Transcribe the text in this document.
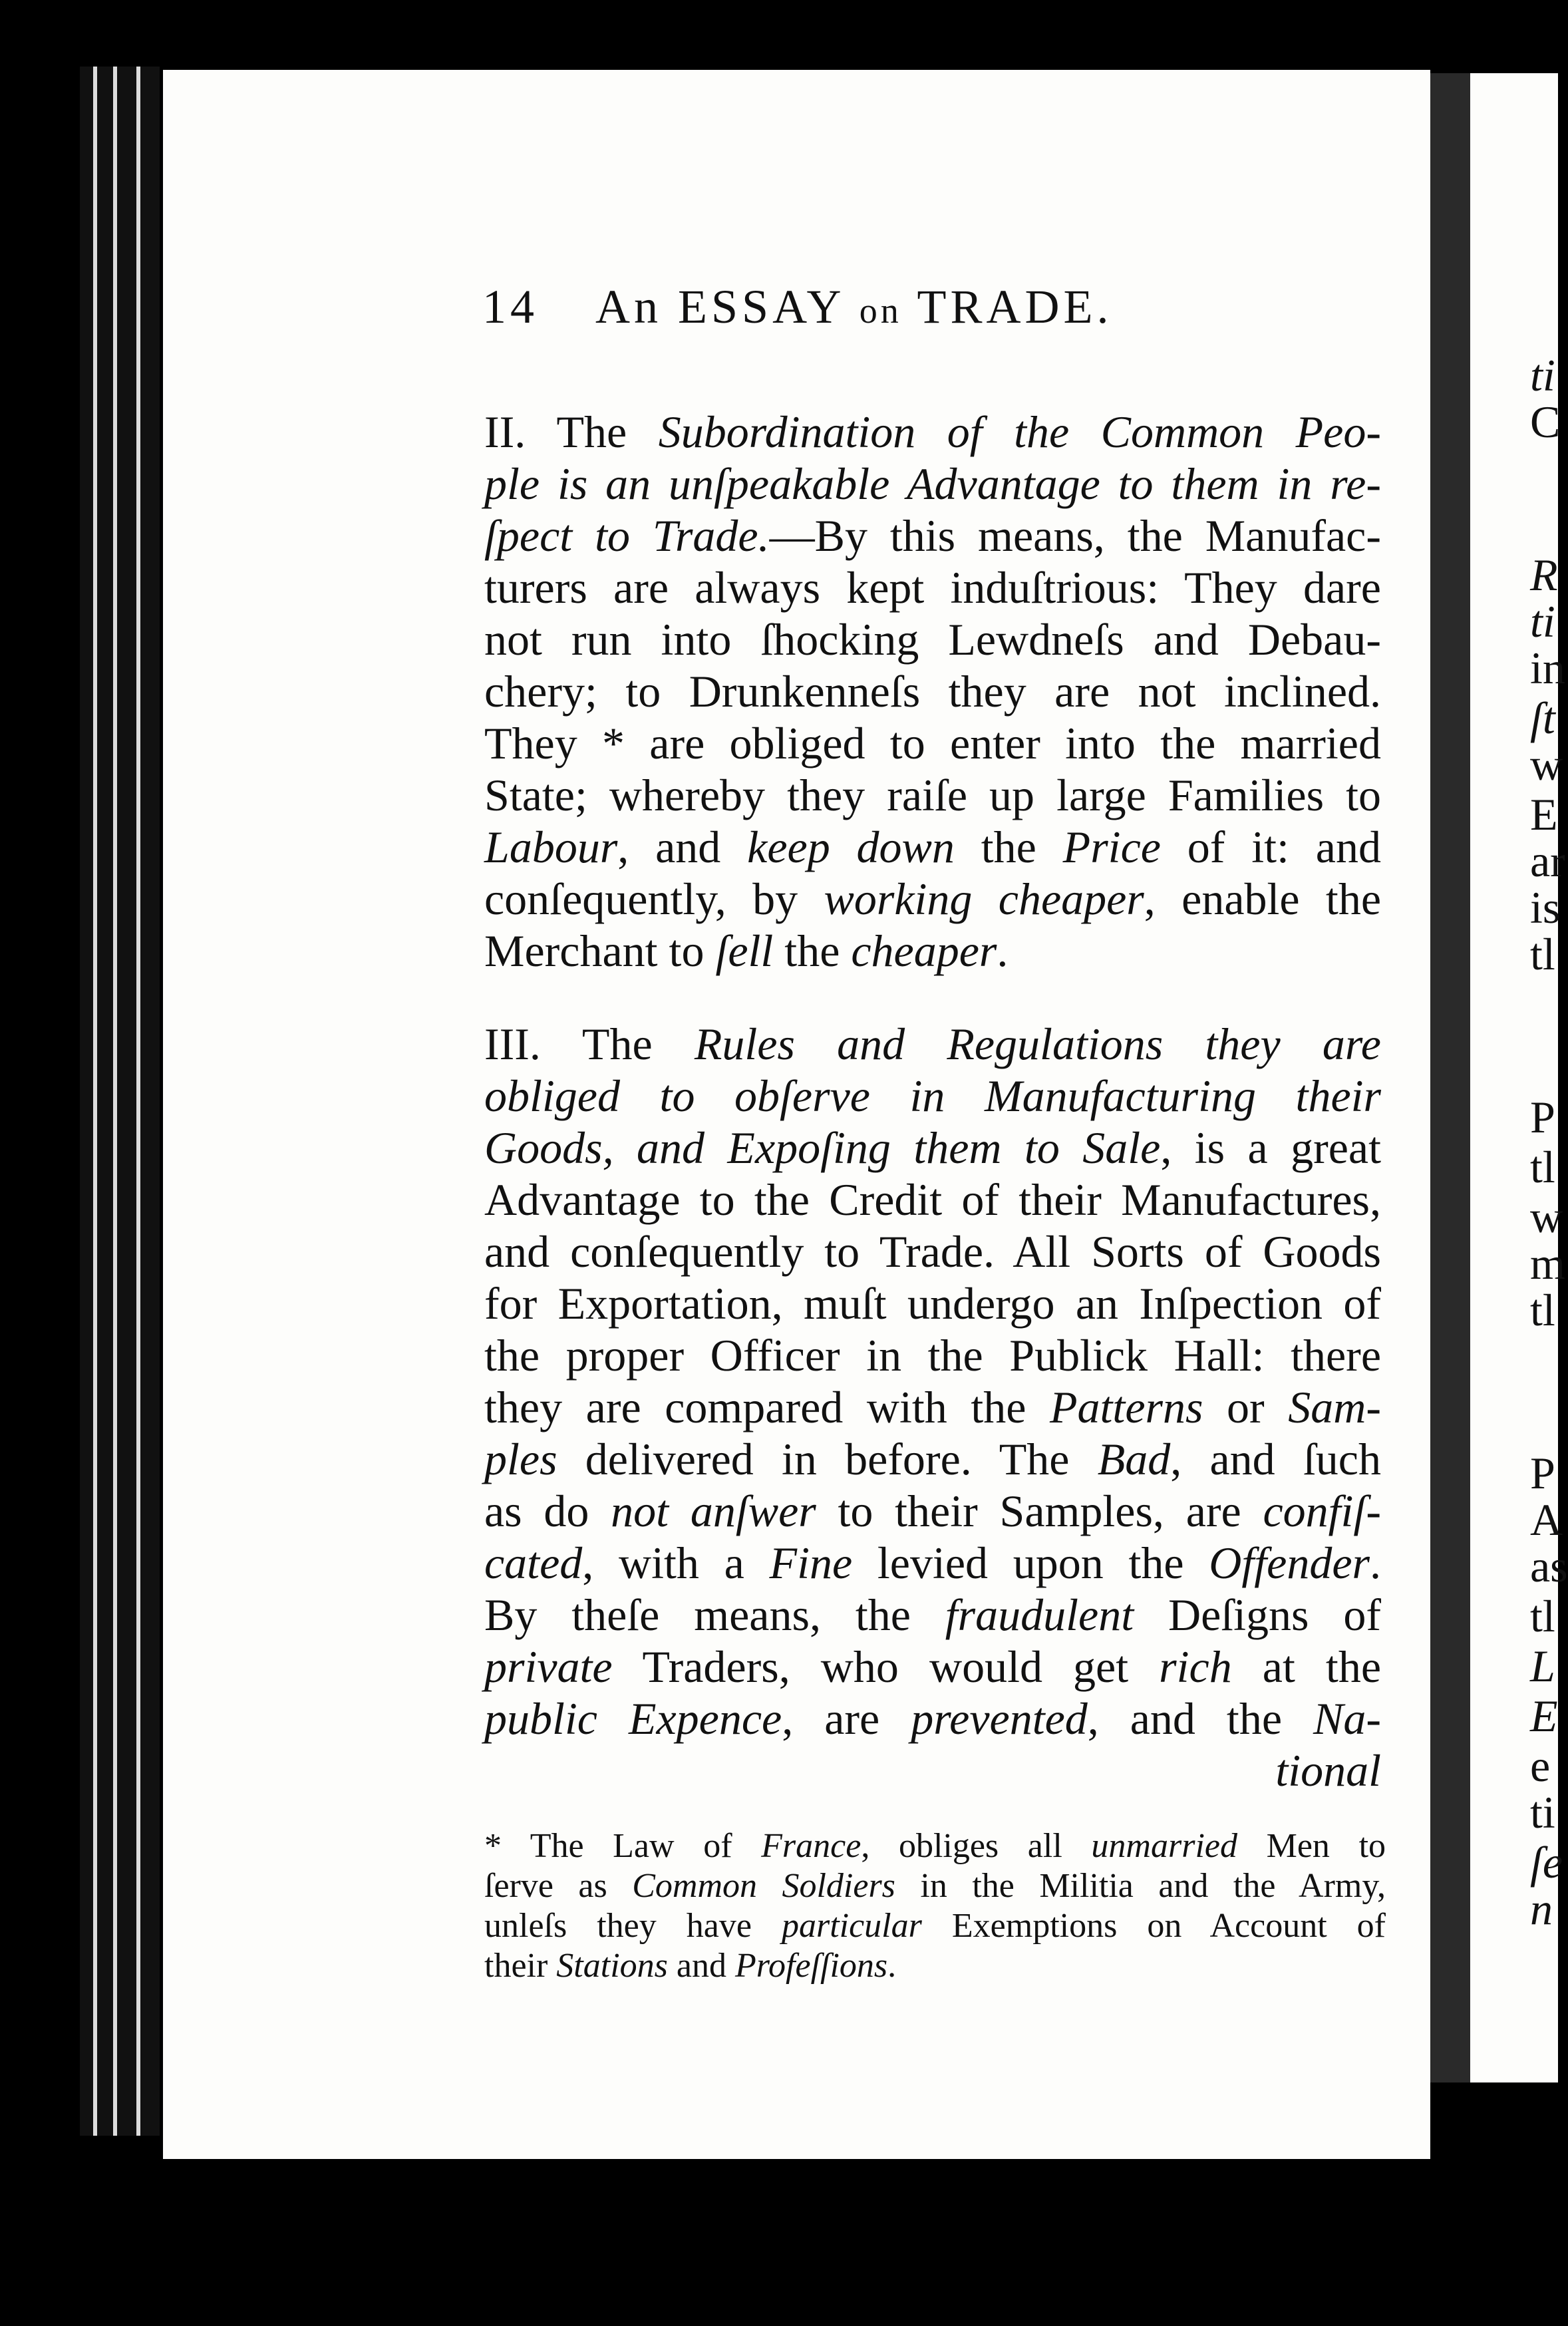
14 An ESSAY on TRADE.
II. The Subordination of the Common Peo-
ple is an unſpeakable Advantage to them in re-
ſpect to Trade.—By this means, the Manufac-
turers are always kept induſtrious: They dare
not run into ſhocking Lewdneſs and Debau-
chery; to Drunkenneſs they are not inclined.
They * are obliged to enter into the married
State; whereby they raiſe up large Families to
Labour, and keep down the Price of it: and
conſequently, by working cheaper, enable the
Merchant to ſell the cheaper.
III. The Rules and Regulations they are
obliged to obſerve in Manufacturing their
Goods, and Expoſing them to Sale, is a great
Advantage to the Credit of their Manufactures,
and conſequently to Trade. All Sorts of Goods
for Exportation, muſt undergo an Inſpection of
the proper Officer in the Publick Hall: there
they are compared with the Patterns or Sam-
ples delivered in before. The Bad, and ſuch
as do not anſwer to their Samples, are confiſ-
cated, with a Fine levied upon the Offender.
By theſe means, the fraudulent Deſigns of
private Traders, who would get rich at the
public Expence, are prevented, and the Na-
tional
* The Law of France, obliges all unmarried Men to
ſerve as Common Soldiers in the Militia and the Army,
unleſs they have particular Exemptions on Account of
their Stations and Profeſſions.
ti
C
R
ti
in
ſt
w
E
ar
is
tl
P
tl
w
m
tl
P
A
as
tl
L
E
e
ti
ſe
n
